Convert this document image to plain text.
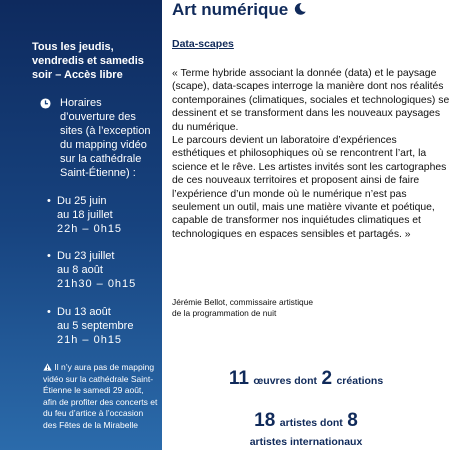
Tous les jeudis, vendredis et samedis soir – Accès libre
Horaires d’ouverture des sites (à l’exception du mapping vidéo sur la cathédrale Saint-Étienne) :
• Du 25 juin
au 18 juillet
22h – 0h15
• Du 23 juillet
au 8 août
21h30 – 0h15
• Du 13 août
au 5 septembre
21h – 0h15
Il n’y aura pas de mapping vidéo sur la cathédrale Saint-Étienne le samedi 29 août, afin de profiter des concerts et du feu d’artice à l’occasion des Fêtes de la Mirabelle
Art numérique
Data-scapes

« Terme hybride associant la donnée (data) et le paysage (scape), data-scapes interroge la manière dont nos réalités contemporaines (climatiques, sociales et technologiques) se dessinent et se transforment dans les nouveaux paysages du numérique.

Le parcours devient un laboratoire d’expériences esthétiques et philosophiques où se rencontrent l’art, la science et le rêve. Les artistes invités sont les cartographes de ces nouveaux territoires et proposent ainsi de faire l’expérience d’un monde où le numérique n’est pas seulement un outil, mais une matière vivante et poétique, capable de transformer nos inquiétudes climatiques et technologiques en espaces sensibles et partagés. »

Jérémie Bellot, commissaire artistique
de la programmation de nuit
11 œuvres dont 2 créations
18 artistes dont 8
artistes internationaux
